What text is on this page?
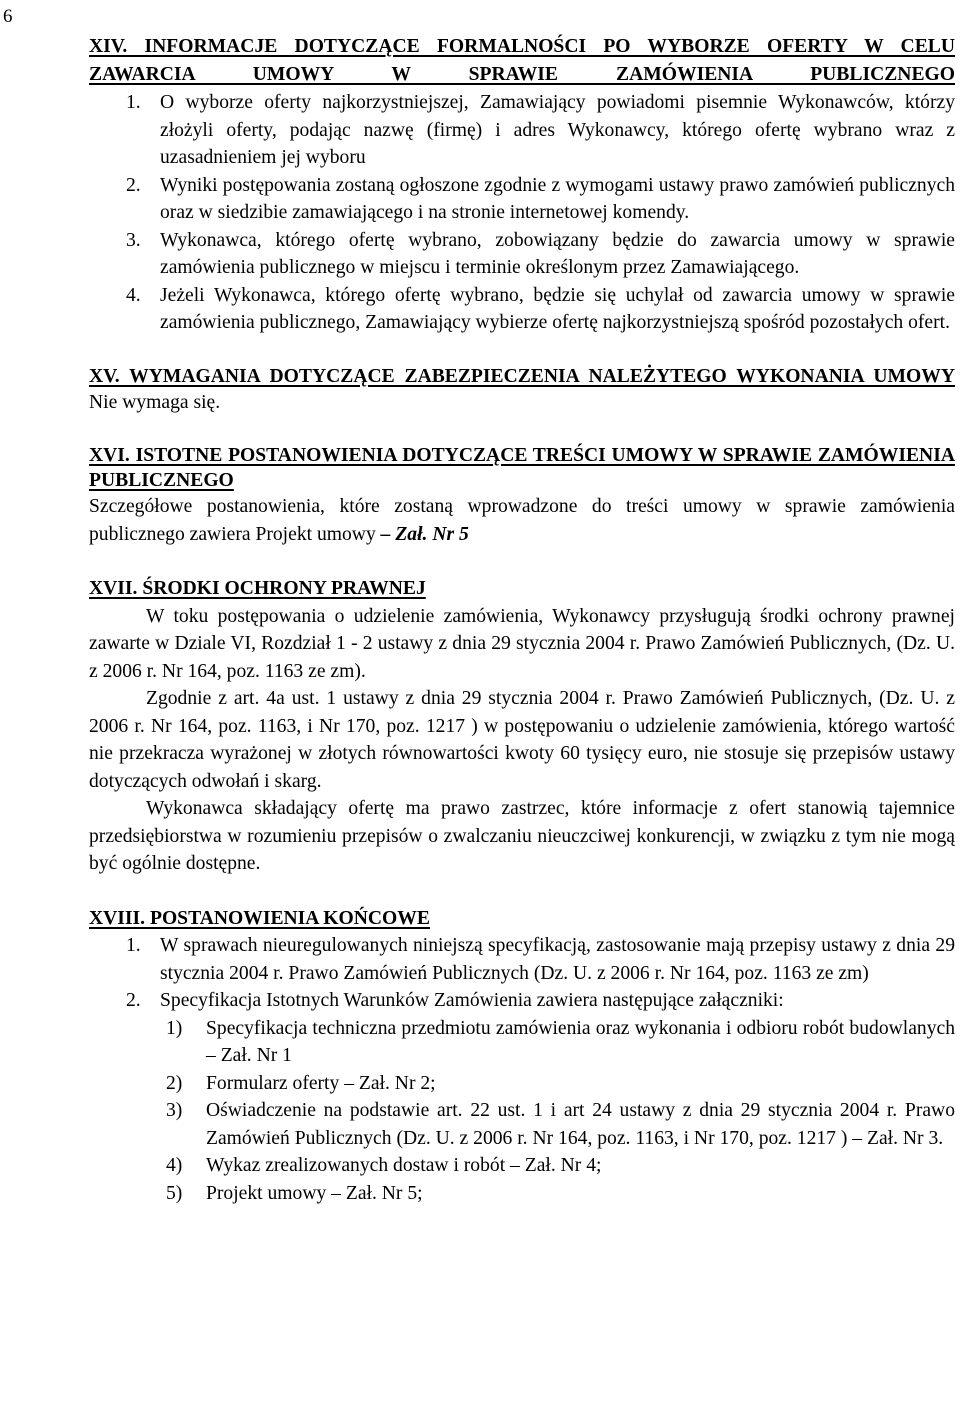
6
XIV. INFORMACJE DOTYCZĄCE FORMALNOŚCI PO WYBORZE OFERTY W CELU ZAWARCIA UMOWY W SPRAWIE ZAMÓWIENIA PUBLICZNEGO
1. O wyborze oferty najkorzystniejszej, Zamawiający powiadomi pisemnie Wykonawców, którzy złożyli oferty, podając nazwę (firmę) i adres Wykonawcy, którego ofertę wybrano wraz z uzasadnieniem jej wyboru
2. Wyniki postępowania zostaną ogłoszone zgodnie z wymogami ustawy prawo zamówień publicznych oraz w siedzibie zamawiającego i na stronie internetowej komendy.
3. Wykonawca, którego ofertę wybrano, zobowiązany będzie do zawarcia umowy w sprawie zamówienia publicznego w miejscu i terminie określonym przez Zamawiającego.
4. Jeżeli Wykonawca, którego ofertę wybrano, będzie się uchylał od zawarcia umowy w sprawie zamówienia publicznego, Zamawiający wybierze ofertę najkorzystniejszą spośród pozostałych ofert.
XV. WYMAGANIA DOTYCZĄCE ZABEZPIECZENIA NALEŻYTEGO WYKONANIA UMOWY
Nie wymaga się.
XVI. ISTOTNE POSTANOWIENIA DOTYCZĄCE TREŚCI UMOWY W SPRAWIE ZAMÓWIENIA PUBLICZNEGO
Szczegółowe postanowienia, które zostaną wprowadzone do treści umowy w sprawie zamówienia publicznego zawiera Projekt umowy – Zał. Nr 5
XVII. ŚRODKI OCHRONY PRAWNEJ
W toku postępowania o udzielenie zamówienia, Wykonawcy przysługują środki ochrony prawnej zawarte w Dziale VI, Rozdział 1 - 2 ustawy z dnia 29 stycznia 2004 r. Prawo Zamówień Publicznych, (Dz. U. z 2006 r. Nr 164, poz. 1163 ze zm).
Zgodnie z art. 4a ust. 1 ustawy z dnia 29 stycznia 2004 r. Prawo Zamówień Publicznych, (Dz. U. z 2006 r. Nr 164, poz. 1163, i Nr 170, poz. 1217 ) w postępowaniu o udzielenie zamówienia, którego wartość nie przekracza wyrażonej w złotych równowartości kwoty 60 tysięcy euro, nie stosuje się przepisów ustawy dotyczących odwołań i skarg.
Wykonawca składający ofertę ma prawo zastrzec, które informacje z ofert stanowią tajemnice przedsiębiorstwa w rozumieniu przepisów o zwalczaniu nieuczciwej konkurencji, w związku z tym nie mogą być ogólnie dostępne.
XVIII. POSTANOWIENIA KOŃCOWE
1. W sprawach nieuregulowanych niniejszą specyfikacją, zastosowanie mają przepisy ustawy z dnia 29 stycznia 2004 r. Prawo Zamówień Publicznych (Dz. U. z 2006 r. Nr 164, poz. 1163 ze zm)
2. Specyfikacja Istotnych Warunków Zamówienia zawiera następujące załączniki:
1)	Specyfikacja techniczna przedmiotu zamówienia oraz wykonania i odbioru robót budowlanych – Zał. Nr 1
2)	Formularz oferty – Zał. Nr 2;
3)	Oświadczenie na podstawie art. 22 ust. 1 i art 24 ustawy z dnia 29 stycznia 2004 r. Prawo Zamówień Publicznych (Dz. U. z 2006 r. Nr 164, poz. 1163, i Nr 170, poz. 1217 ) – Zał. Nr 3.
4)	Wykaz zrealizowanych dostaw i robót – Zał. Nr 4;
5)	Projekt umowy – Zał. Nr 5;
